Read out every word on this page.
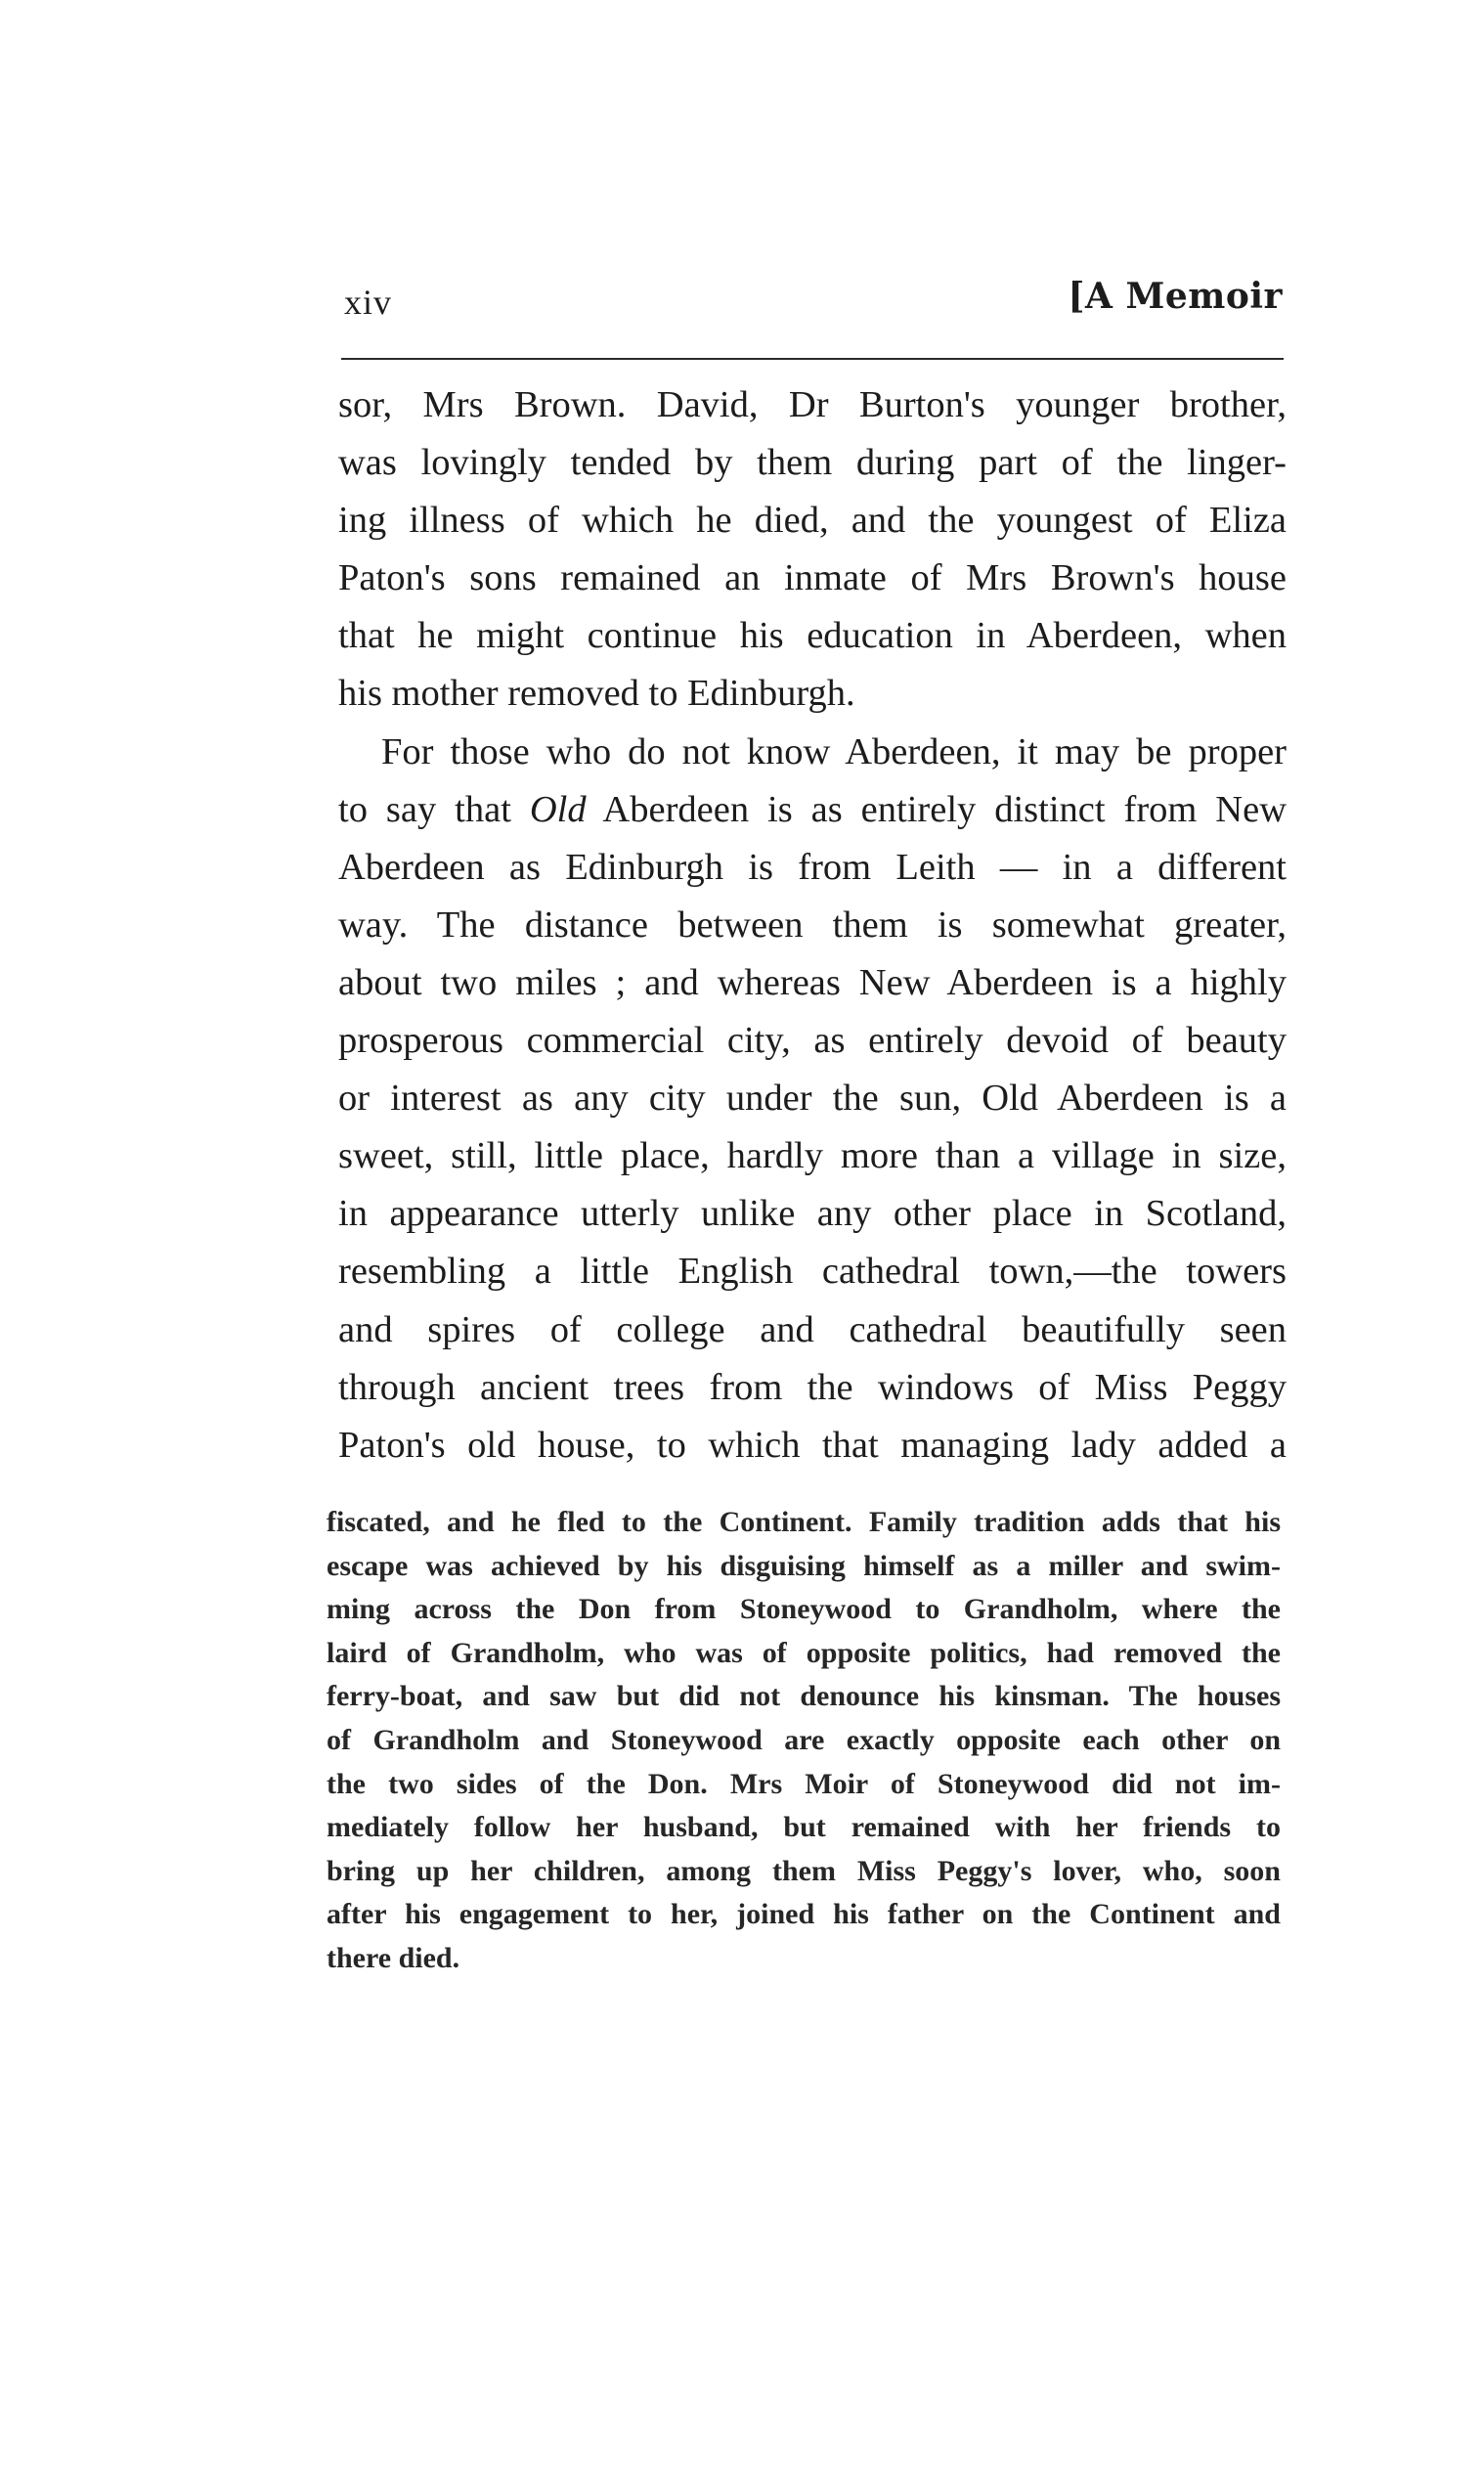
xiv	[A Memoir
sor, Mrs Brown. David, Dr Burton's younger brother,
was lovingly tended by them during part of the linger-
ing illness of which he died, and the youngest of Eliza
Paton's sons remained an inmate of Mrs Brown's house
that he might continue his education in Aberdeen, when
his mother removed to Edinburgh.
For those who do not know Aberdeen, it may be proper
to say that Old Aberdeen is as entirely distinct from New
Aberdeen as Edinburgh is from Leith — in a different
way. The distance between them is somewhat greater,
about two miles ; and whereas New Aberdeen is a highly
prosperous commercial city, as entirely devoid of beauty
or interest as any city under the sun, Old Aberdeen is a
sweet, still, little place, hardly more than a village in size,
in appearance utterly unlike any other place in Scotland,
resembling a little English cathedral town,—the towers
and spires of college and cathedral beautifully seen
through ancient trees from the windows of Miss Peggy
Paton's old house, to which that managing lady added a
fiscated, and he fled to the Continent. Family tradition adds that his
escape was achieved by his disguising himself as a miller and swim-
ming across the Don from Stoneywood to Grandholm, where the
laird of Grandholm, who was of opposite politics, had removed the
ferry-boat, and saw but did not denounce his kinsman. The houses
of Grandholm and Stoneywood are exactly opposite each other on
the two sides of the Don. Mrs Moir of Stoneywood did not im-
mediately follow her husband, but remained with her friends to
bring up her children, among them Miss Peggy's lover, who, soon
after his engagement to her, joined his father on the Continent and
there died.
